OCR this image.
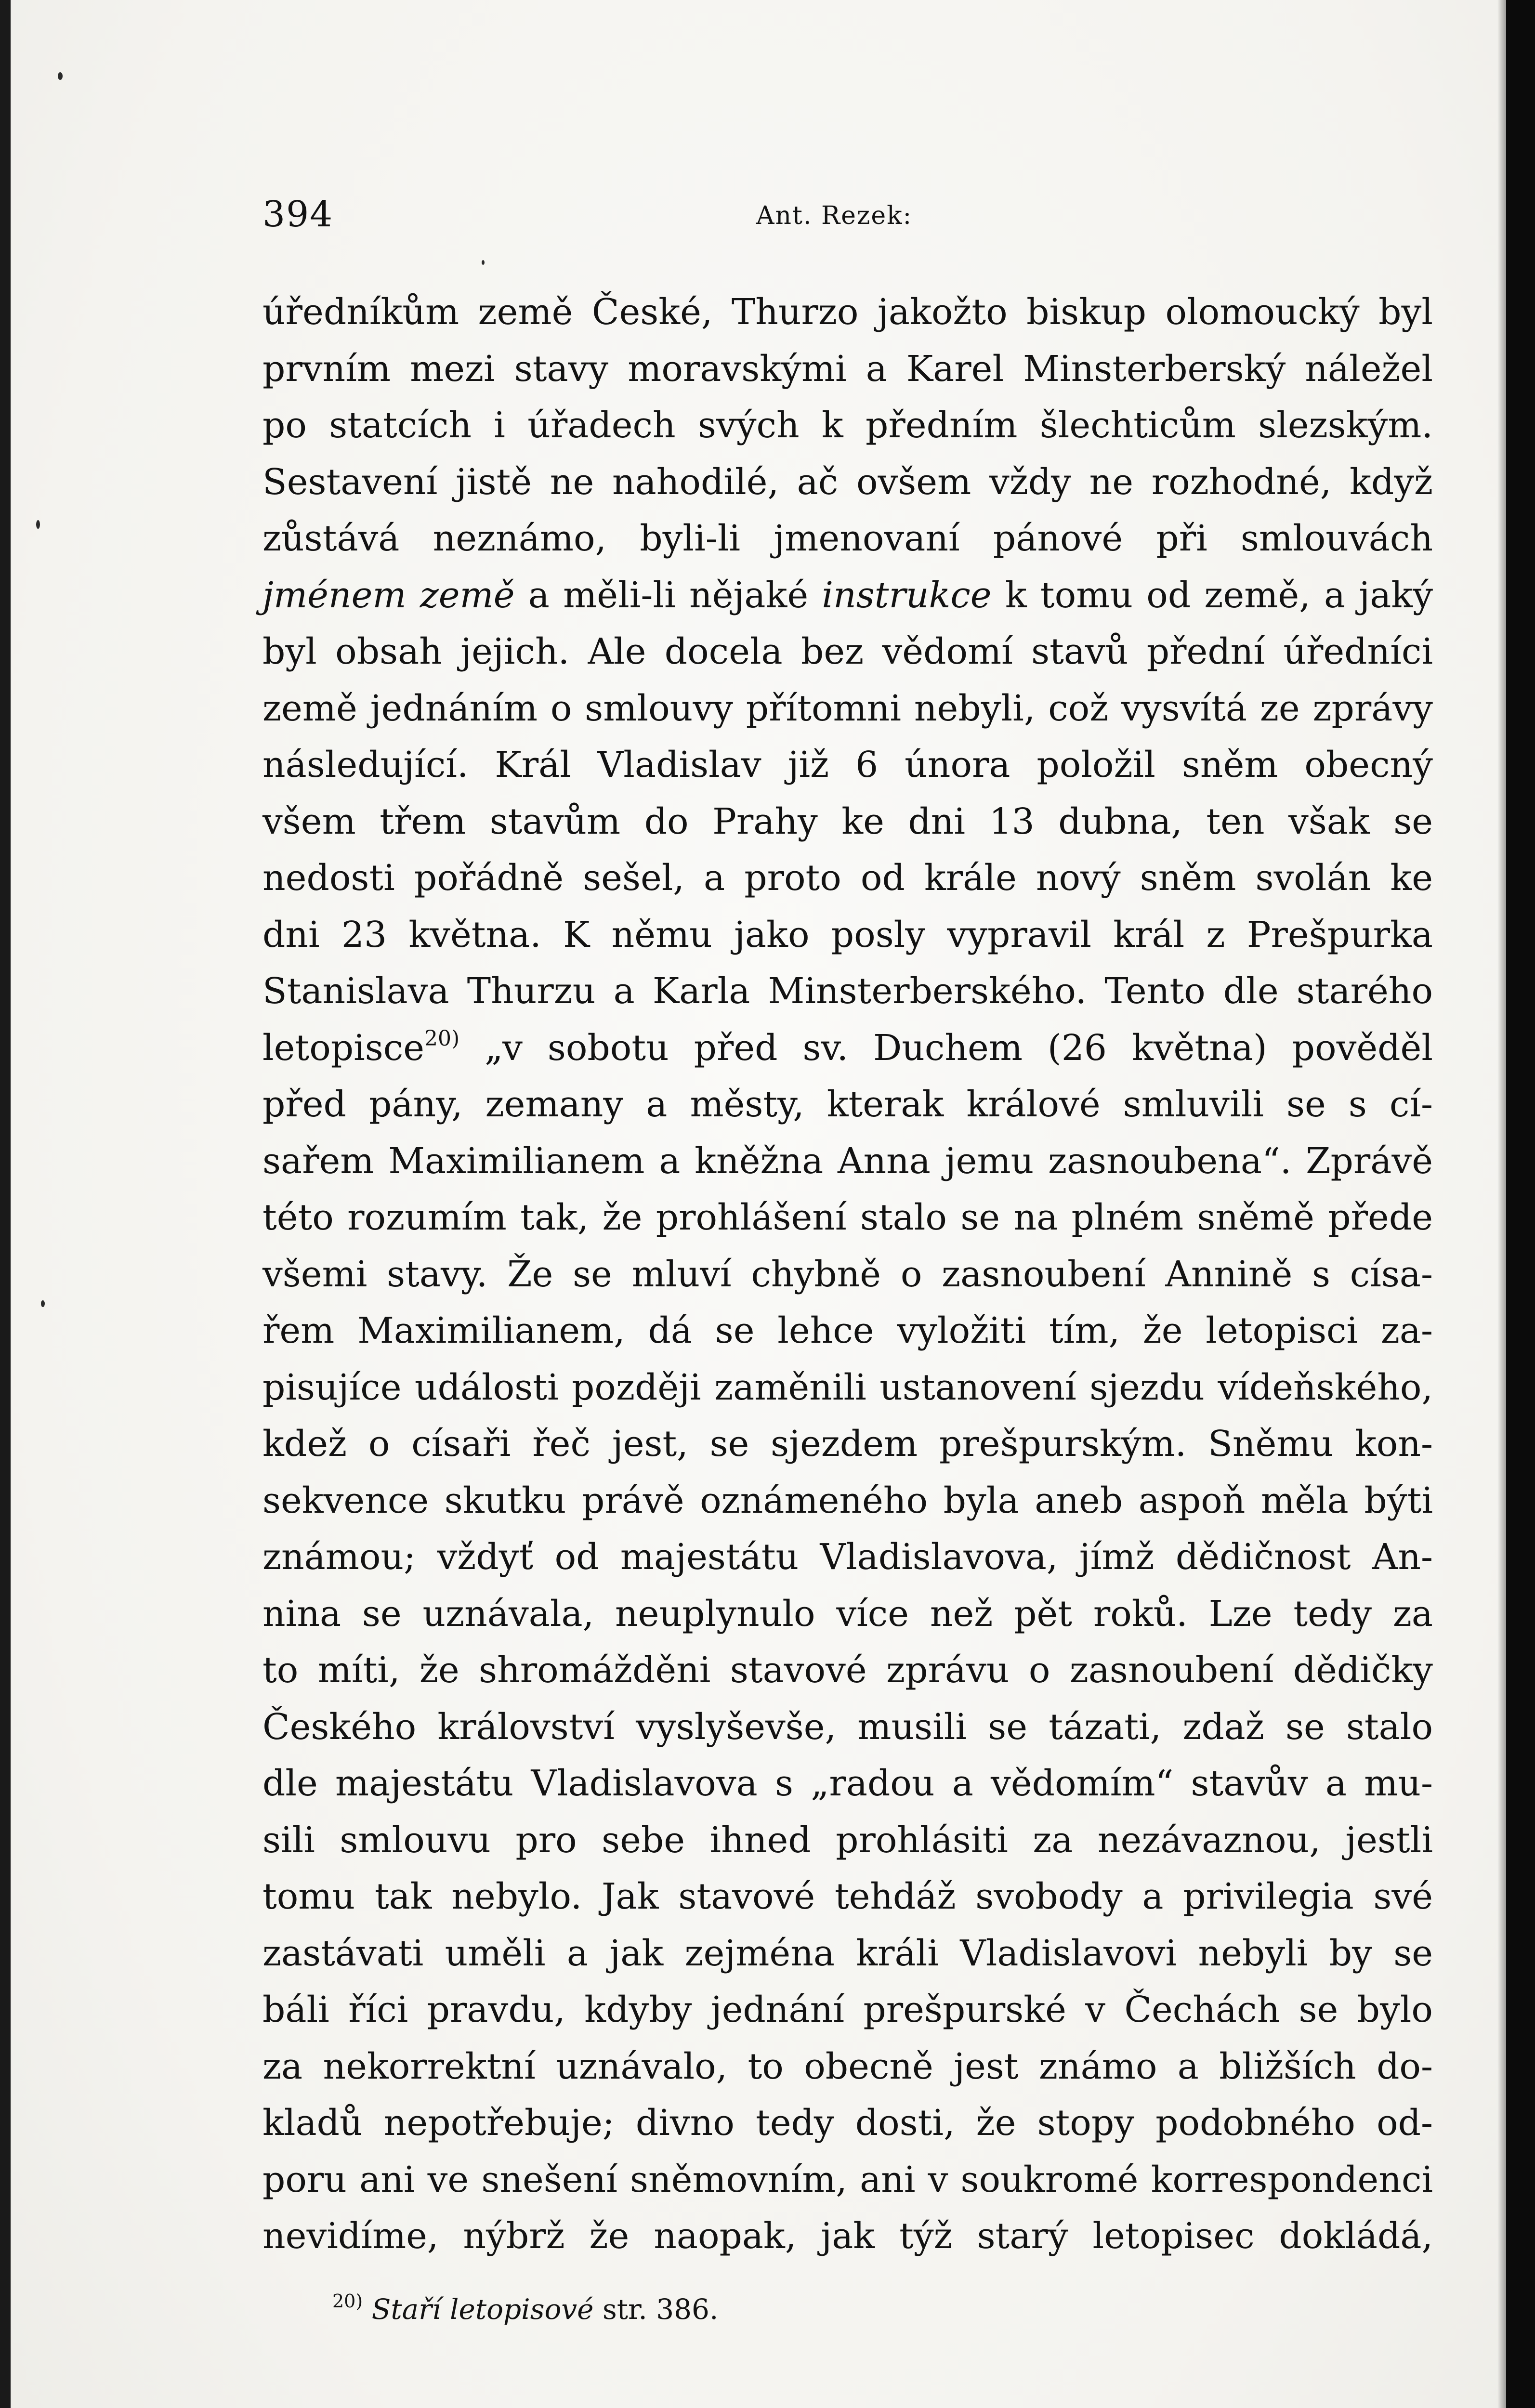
394	Ant. Rezek:
úředníkům země České, Thurzo jakožto biskup olomoucký byl
prvním mezi stavy moravskými a Karel Minsterberský náležel
po statcích i úřadech svých k předním šlechticům slezským.
Sestavení jistě ne nahodilé, ač ovšem vždy ne rozhodné, když
zůstává neznámo, byli-li jmenovaní pánové při smlouvách
jménem země a měli-li nějaké instrukce k tomu od země, a jaký
byl obsah jejich. Ale docela bez vědomí stavů přední úředníci
země jednáním o smlouvy přítomni nebyli, což vysvítá ze zprávy
následující. Král Vladislav již 6 února položil sněm obecný
všem třem stavům do Prahy ke dni 13 dubna, ten však se
nedosti pořádně sešel, a proto od krále nový sněm svolán ke
dni 23 května. K němu jako posly vypravil král z Prešpurka
Stanislava Thurzu a Karla Minsterberského. Tento dle starého
letopisce$^{20)}$ „v sobotu před sv. Duchem (26 května) pověděl
před pány, zemany a městy, kterak králové smluvili se s cí-
sařem Maximilianem a kněžna Anna jemu zasnoubena“. Zprávě
této rozumím tak, že prohlášení stalo se na plném sněmě přede
všemi stavy. Že se mluví chybně o zasnoubení Annině s císa-
řem Maximilianem, dá se lehce vyložiti tím, že letopisci za-
pisujíce události později zaměnili ustanovení sjezdu vídeňského,
kdež o císaři řeč jest, se sjezdem prešpurským. Sněmu kon-
sekvence skutku právě oznámeného byla aneb aspoň měla býti
známou; vždyť od majestátu Vladislavova, jímž dědičnost An-
nina se uznávala, neuplynulo více než pět roků. Lze tedy za
to míti, že shromážděni stavové zprávu o zasnoubení dědičky
Českého království vyslyševše, musili se tázati, zdaž se stalo
dle majestátu Vladislavova s „radou a vědomím“ stavův a mu-
sili smlouvu pro sebe ihned prohlásiti za nezávaznou, jestli
tomu tak nebylo. Jak stavové tehdáž svobody a privilegia své
zastávati uměli a jak zejména králi Vladislavovi nebyli by se
báli říci pravdu, kdyby jednání prešpurské v Čechách se bylo
za nekorrektní uznávalo, to obecně jest známo a bližších do-
kladů nepotřebuje; divno tedy dosti, že stopy podobného od-
poru ani ve snešení sněmovním, ani v soukromé korrespondenci
nevidíme, nýbrž že naopak, jak týž starý letopisec dokládá,
$^{20)}$ Staří letopisové str. 386.
